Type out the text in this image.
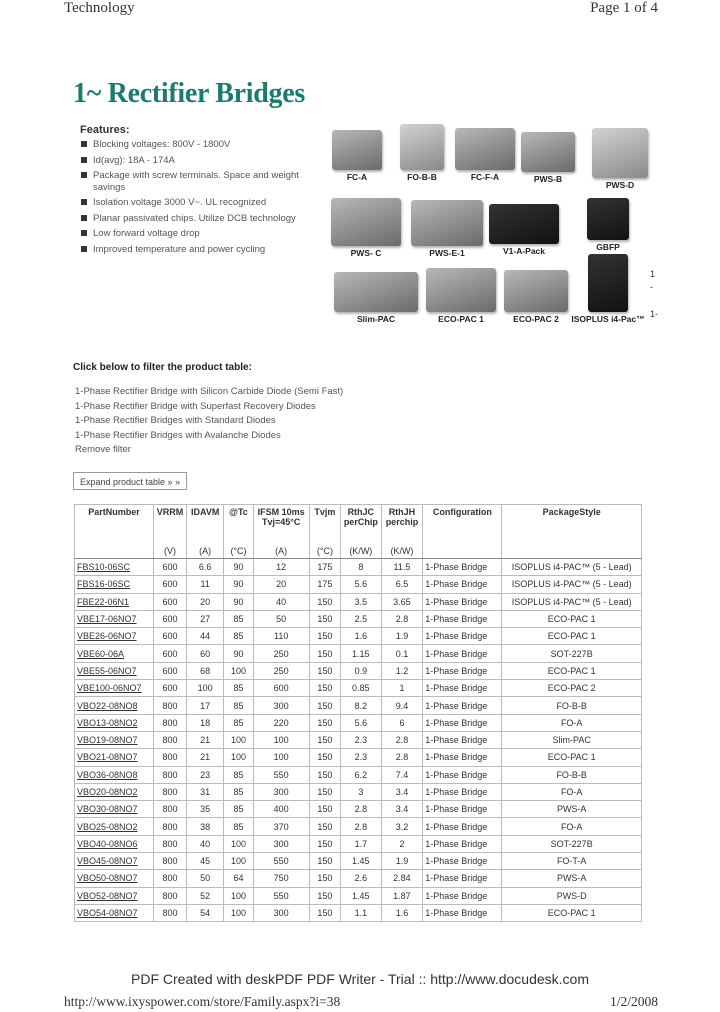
Technology	Page 1 of 4
1~ Rectifier Bridges
Features:
Blocking voltages: 800V - 1800V
Id(avg): 18A - 174A
Package with screw terminals. Space and weight savings
Isolation voltage 3000 V~. UL recognized
Planar passivated chips. Utilize DCB technology
Low forward voltage drop
Improved temperature and power cycling
FC-A	FO-B-B	FC-F-A	PWS-B
PWS-D
PWS- C	PWS-E-1	V1-A-Pack	GBFP
Slim-PAC	ECO-PAC 1	ECO-PAC 2	ISOPLUS i4-Pac™
1
-
1-
Click below to filter the product table:
1-Phase Rectifier Bridge with Silicon Carbide Diode (Semi Fast)
1-Phase Rectifier Bridge with Superfast Recovery Diodes
1-Phase Rectifier Bridges with Standard Diodes
1-Phase Rectifier Bridges with Avalanche Diodes
Remove filter
Expand product table » »
PartNumber	VRRM	IDAVM	@Tc	IFSM 10ms Tvj=45°C	Tvjm	RthJC perChip	RthJH perchip	Configuration	PackageStyle
	(V)	(A)	(°C)	(A)	(°C)	(K/W)	(K/W)		
FBS10-06SC	600	6.6	90	12	175	8	11.5	1-Phase Bridge	ISOPLUS i4-PAC™ (5 - Lead)
FBS16-06SC	600	11	90	20	175	5.6	6.5	1-Phase Bridge	ISOPLUS i4-PAC™ (5 - Lead)
FBE22-06N1	600	20	90	40	150	3.5	3.65	1-Phase Bridge	ISOPLUS i4-PAC™ (5 - Lead)
VBE17-06NO7	600	27	85	50	150	2.5	2.8	1-Phase Bridge	ECO-PAC 1
VBE26-06NO7	600	44	85	110	150	1.6	1.9	1-Phase Bridge	ECO-PAC 1
VBE60-06A	600	60	90	250	150	1.15	0.1	1-Phase Bridge	SOT-227B
VBE55-06NO7	600	68	100	250	150	0.9	1.2	1-Phase Bridge	ECO-PAC 1
VBE100-06NO7	600	100	85	600	150	0.85	1	1-Phase Bridge	ECO-PAC 2
VBO22-08NO8	800	17	85	300	150	8.2	9.4	1-Phase Bridge	FO-B-B
VBO13-08NO2	800	18	85	220	150	5.6	6	1-Phase Bridge	FO-A
VBO19-08NO7	800	21	100	100	150	2.3	2.8	1-Phase Bridge	Slim-PAC
VBO21-08NO7	800	21	100	100	150	2.3	2.8	1-Phase Bridge	ECO-PAC 1
VBO36-08NO8	800	23	85	550	150	6.2	7.4	1-Phase Bridge	FO-B-B
VBO20-08NO2	800	31	85	300	150	3	3.4	1-Phase Bridge	FO-A
VBO30-08NO7	800	35	85	400	150	2.8	3.4	1-Phase Bridge	PWS-A
VBO25-08NO2	800	38	85	370	150	2.8	3.2	1-Phase Bridge	FO-A
VBO40-08NO6	800	40	100	300	150	1.7	2	1-Phase Bridge	SOT-227B
VBO45-08NO7	800	45	100	550	150	1.45	1.9	1-Phase Bridge	FO-T-A
VBO50-08NO7	800	50	64	750	150	2.6	2.84	1-Phase Bridge	PWS-A
VBO52-08NO7	800	52	100	550	150	1.45	1.87	1-Phase Bridge	PWS-D
VBO54-08NO7	800	54	100	300	150	1.1	1.6	1-Phase Bridge	ECO-PAC 1
PDF Created with deskPDF PDF Writer - Trial :: http://www.docudesk.com
http://www.ixyspower.com/store/Family.aspx?i=38	1/2/2008
